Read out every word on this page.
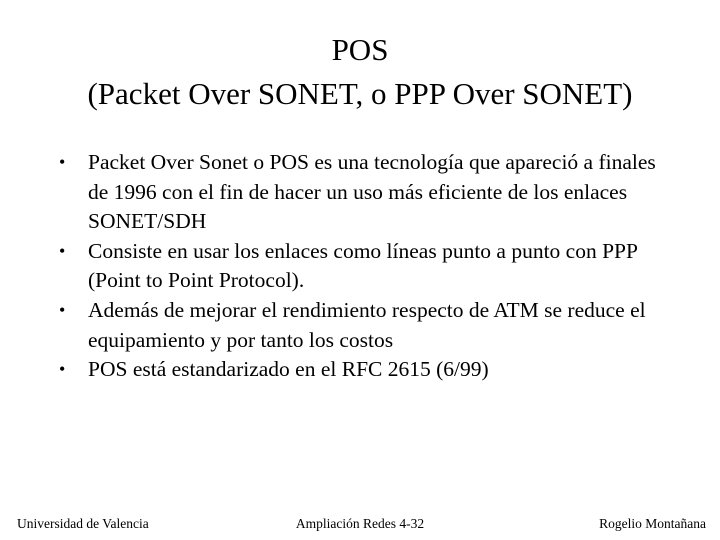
POS
(Packet Over SONET, o PPP Over SONET)
• Packet Over Sonet o POS es una tecnología que apareció a finales de 1996 con el fin de hacer un uso más eficiente de los enlaces SONET/SDH
• Consiste en usar los enlaces como líneas punto a punto con PPP (Point to Point Protocol).
• Además de mejorar el rendimiento respecto de ATM se reduce el equipamiento y por tanto los costos
• POS está estandarizado en el RFC 2615 (6/99)
Universidad de Valencia	Ampliación Redes 4-32	Rogelio Montañana
